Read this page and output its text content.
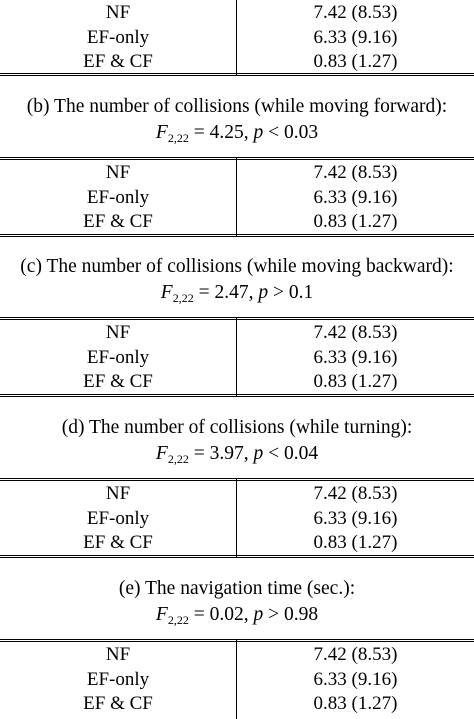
NF	7.42 (8.53)
EF-only	6.33 (9.16)
EF & CF	0.83 (1.27)
(b) The number of collisions (while moving forward):
$F_{2,22} = 4.25$, p < 0.03
NF	7.42 (8.53)
EF-only	6.33 (9.16)
EF & CF	0.83 (1.27)
(c) The number of collisions (while moving backward):
$F_{2,22} = 2.47$, p > 0.1
NF	7.42 (8.53)
EF-only	6.33 (9.16)
EF & CF	0.83 (1.27)
(d) The number of collisions (while turning):
$F_{2,22} = 3.97$, p < 0.04
NF	7.42 (8.53)
EF-only	6.33 (9.16)
EF & CF	0.83 (1.27)
(e) The navigation time (sec.):
$F_{2,22} = 0.02$, p > 0.98
NF	7.42 (8.53)
EF-only	6.33 (9.16)
EF & CF	0.83 (1.27)
